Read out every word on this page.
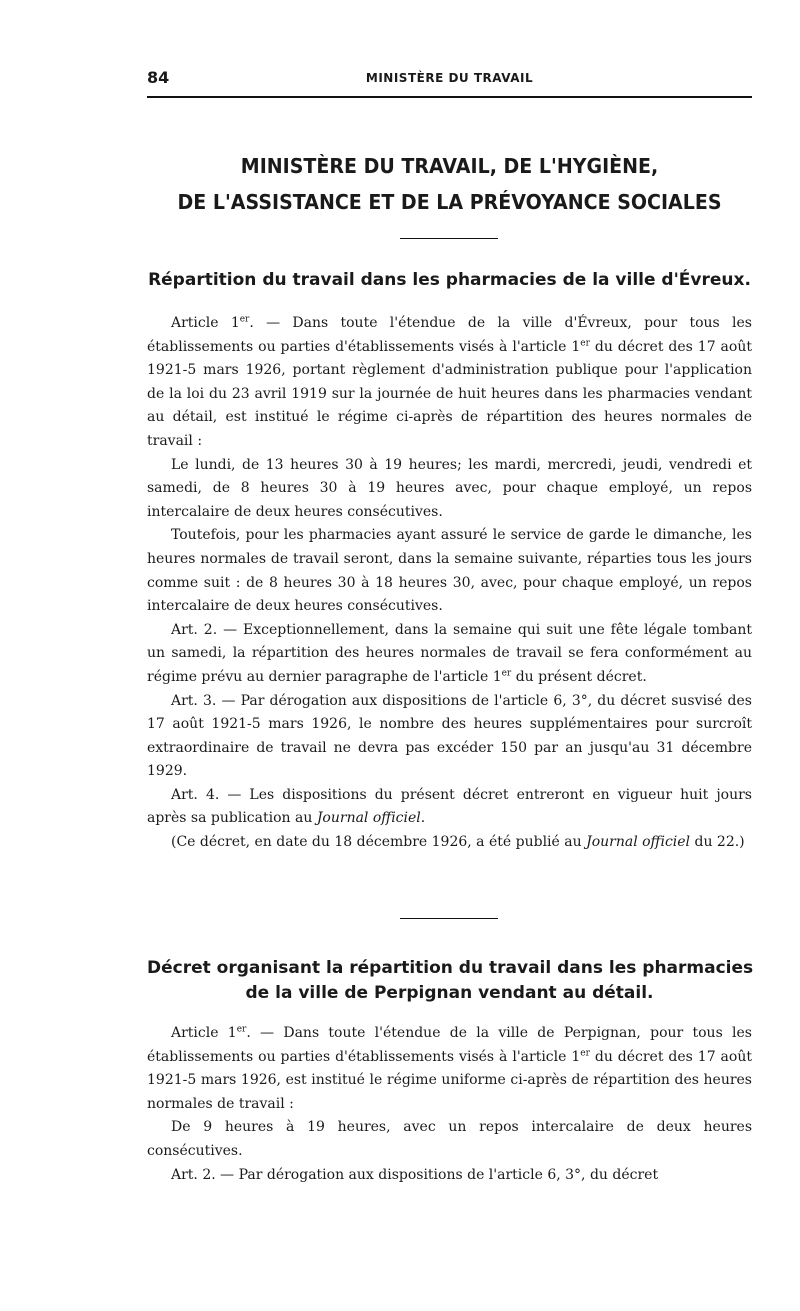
84	MINISTÈRE DU TRAVAIL
MINISTÈRE DU TRAVAIL, DE L'HYGIÈNE,
DE L'ASSISTANCE ET DE LA PRÉVOYANCE SOCIALES
Répartition du travail dans les pharmacies de la ville d'Évreux.

Article 1er. — Dans toute l'étendue de la ville d'Évreux, pour tous les établissements ou parties d'établissements visés à l'article 1er du décret des 17 août 1921-5 mars 1926, portant règlement d'administration publique pour l'application de la loi du 23 avril 1919 sur la journée de huit heures dans les pharmacies vendant au détail, est institué le régime ci-après de répartition des heures normales de travail :

Le lundi, de 13 heures 30 à 19 heures; les mardi, mercredi, jeudi, vendredi et samedi, de 8 heures 30 à 19 heures avec, pour chaque employé, un repos intercalaire de deux heures consécutives.

Toutefois, pour les pharmacies ayant assuré le service de garde le dimanche, les heures normales de travail seront, dans la semaine suivante, réparties tous les jours comme suit : de 8 heures 30 à 18 heures 30, avec, pour chaque employé, un repos intercalaire de deux heures consécutives.

Art. 2. — Exceptionnellement, dans la semaine qui suit une fête légale tombant un samedi, la répartition des heures normales de travail se fera conformément au régime prévu au dernier paragraphe de l'article 1er du présent décret.

Art. 3. — Par dérogation aux dispositions de l'article 6, 3°, du décret susvisé des 17 août 1921-5 mars 1926, le nombre des heures supplémentaires pour surcroît extraordinaire de travail ne devra pas excéder 150 par an jusqu'au 31 décembre 1929.

Art. 4. — Les dispositions du présent décret entreront en vigueur huit jours après sa publication au Journal officiel.

(Ce décret, en date du 18 décembre 1926, a été publié au Journal officiel du 22.)

Décret organisant la répartition du travail dans les pharmacies
de la ville de Perpignan vendant au détail.

Article 1er. — Dans toute l'étendue de la ville de Perpignan, pour tous les établissements ou parties d'établissements visés à l'article 1er du décret des 17 août 1921-5 mars 1926, est institué le régime uniforme ci-après de répartition des heures normales de travail :

De 9 heures à 19 heures, avec un repos intercalaire de deux heures consécutives.

Art. 2. — Par dérogation aux dispositions de l'article 6, 3°, du décret
